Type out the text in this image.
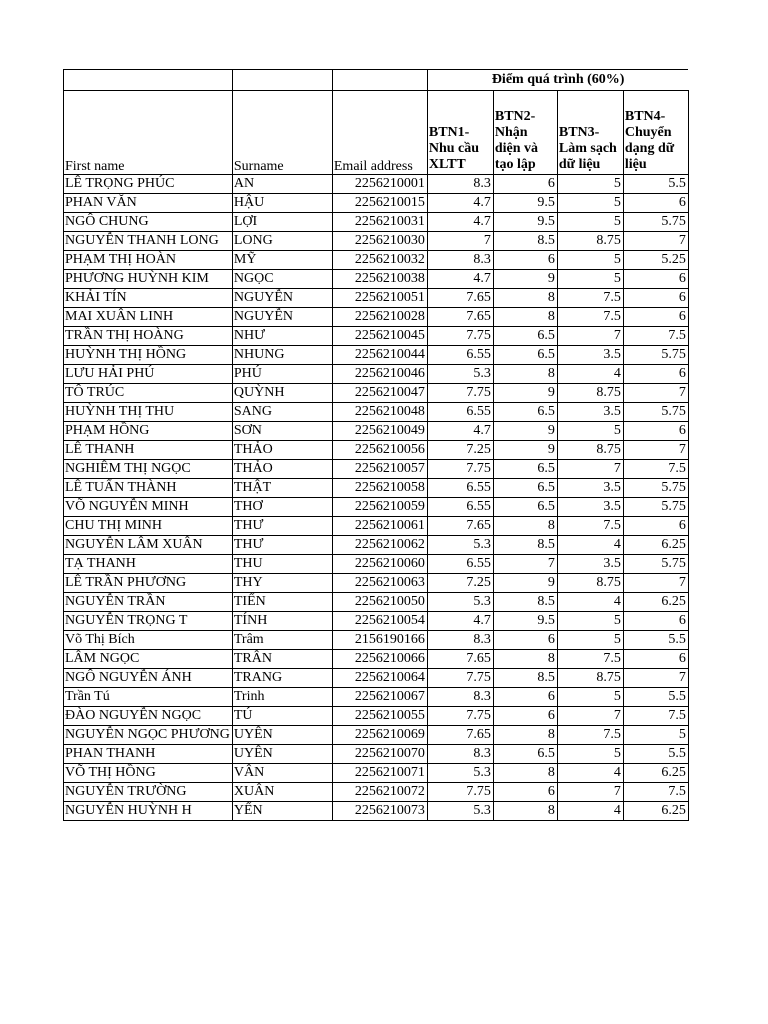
			Điểm quá trình (60%)			
First name	Surname	Email address	BTN1-Nhu cầu XLTT	BTN2-Nhận diện và tạo lập	BTN3-Làm sạch dữ liệu	BTN4-Chuyển dạng dữ liệu
LÊ TRỌNG PHÚC	AN	2256210001	8.3	6	5	5.5
PHAN VĂN	HẬU	2256210015	4.7	9.5	5	6
NGÔ CHUNG	LỢI	2256210031	4.7	9.5	5	5.75
NGUYỄN THANH LONG	LONG	2256210030	7	8.5	8.75	7
PHẠM THỊ HOÀN	MỸ	2256210032	8.3	6	5	5.25
PHƯƠNG HUỲNH KIM	NGỌC	2256210038	4.7	9	5	6
KHẢI TÍN	NGUYỄN	2256210051	7.65	8	7.5	6
MAI XUÂN LINH	NGUYỄN	2256210028	7.65	8	7.5	6
TRẦN THỊ HOÀNG	NHƯ	2256210045	7.75	6.5	7	7.5
HUỲNH THỊ HỒNG	NHUNG	2256210044	6.55	6.5	3.5	5.75
LƯU HẢI PHÚ	PHÚ	2256210046	5.3	8	4	6
TÔ TRÚC	QUỲNH	2256210047	7.75	9	8.75	7
HUỲNH THỊ THU	SANG	2256210048	6.55	6.5	3.5	5.75
PHẠM HỒNG	SƠN	2256210049	4.7	9	5	6
LÊ THANH	THẢO	2256210056	7.25	9	8.75	7
NGHIÊM THỊ NGỌC	THẢO	2256210057	7.75	6.5	7	7.5
LÊ TUẤN THÀNH	THẬT	2256210058	6.55	6.5	3.5	5.75
VÕ NGUYỄN MINH	THƠ	2256210059	6.55	6.5	3.5	5.75
CHU THỊ MINH	THƯ	2256210061	7.65	8	7.5	6
NGUYỄN LÂM XUÂN	THƯ	2256210062	5.3	8.5	4	6.25
TẠ THANH	THU	2256210060	6.55	7	3.5	5.75
LÊ TRẦN PHƯƠNG	THY	2256210063	7.25	9	8.75	7
NGUYỄN TRẦN	TIẾN	2256210050	5.3	8.5	4	6.25
NGUYỄN TRỌNG T	TÍNH	2256210054	4.7	9.5	5	6
Võ Thị Bích	Trâm	2156190166	8.3	6	5	5.5
LÂM NGỌC	TRÂN	2256210066	7.65	8	7.5	6
NGÔ NGUYỄN ÁNH	TRANG	2256210064	7.75	8.5	8.75	7
Trần Tú	Trinh	2256210067	8.3	6	5	5.5
ĐÀO NGUYỄN NGỌC	TÚ	2256210055	7.75	6	7	7.5
NGUYỄN NGỌC PHƯƠNG	UYÊN	2256210069	7.65	8	7.5	5
PHAN THANH	UYÊN	2256210070	8.3	6.5	5	5.5
VÕ THỊ HỒNG	VÂN	2256210071	5.3	8	4	6.25
NGUYỄN TRƯỜNG	XUÂN	2256210072	7.75	6	7	7.5
NGUYỄN HUỲNH H	YẾN	2256210073	5.3	8	4	6.25
